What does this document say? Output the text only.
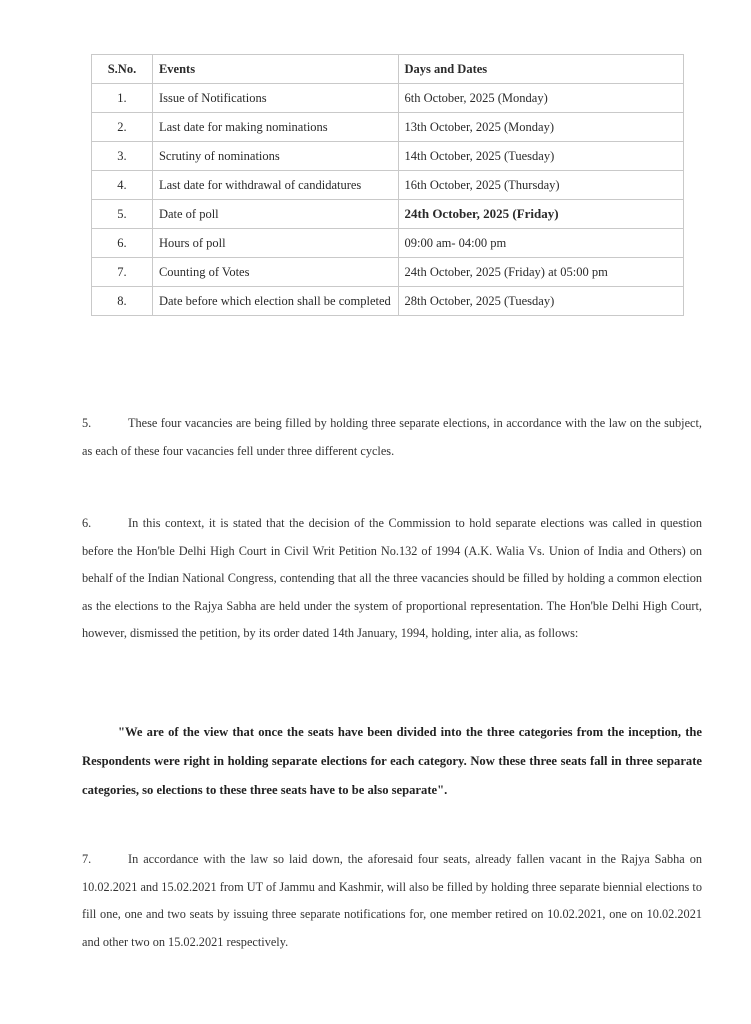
S.No.	Events	Days and Dates
1.	Issue of Notifications	6th October, 2025 (Monday)
2.	Last date for making nominations	13th October, 2025 (Monday)
3.	Scrutiny of nominations	14th October, 2025 (Tuesday)
4.	Last date for withdrawal of candidatures	16th October, 2025 (Thursday)
5.	Date of poll	24th October, 2025 (Friday)
6.	Hours of poll	09:00 am- 04:00 pm
7.	Counting of Votes	24th October, 2025 (Friday) at 05:00 pm
8.	Date before which election shall be completed	28th October, 2025 (Tuesday)

5.	These four vacancies are being filled by holding three separate elections, in accordance with the law on the subject, as each of these four vacancies fell under three different cycles.

6.	In this context, it is stated that the decision of the Commission to hold separate elections was called in question before the Hon'ble Delhi High Court in Civil Writ Petition No.132 of 1994 (A.K. Walia Vs. Union of India and Others) on behalf of the Indian National Congress, contending that all the three vacancies should be filled by holding a common election as the elections to the Rajya Sabha are held under the system of proportional representation. The Hon'ble Delhi High Court, however, dismissed the petition, by its order dated 14th January, 1994, holding, inter alia, as follows:

"We are of the view that once the seats have been divided into the three categories from the inception, the Respondents were right in holding separate elections for each category. Now these three seats fall in three separate categories, so elections to these three seats have to be also separate".

7.	In accordance with the law so laid down, the aforesaid four seats, already fallen vacant in the Rajya Sabha on 10.02.2021 and 15.02.2021 from UT of Jammu and Kashmir, will also be filled by holding three separate biennial elections to fill one, one and two seats by issuing three separate notifications for, one member retired on 10.02.2021, one on 10.02.2021 and other two on 15.02.2021 respectively.
